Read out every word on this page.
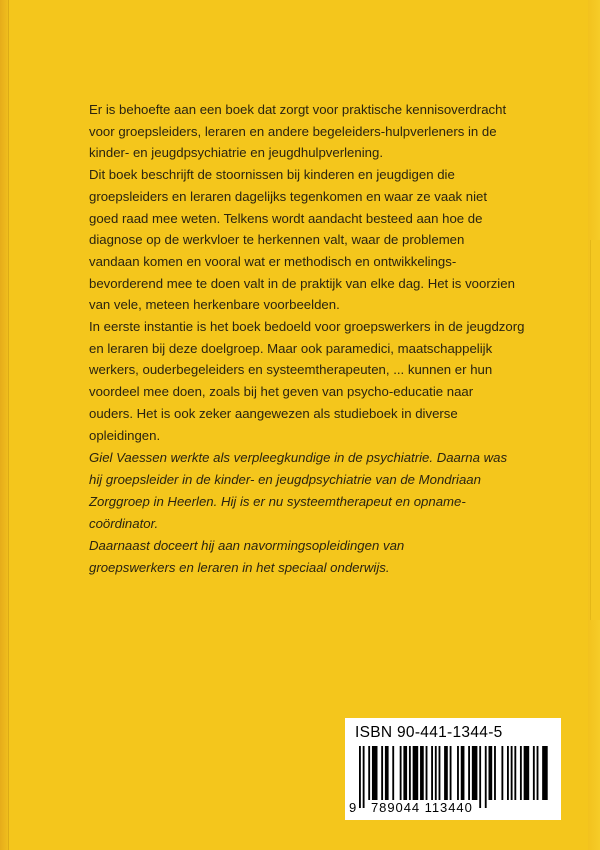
Er is behoefte aan een boek dat zorgt voor praktische kennisoverdracht
voor groepsleiders, leraren en andere begeleiders-hulpverleners in de
kinder- en jeugdpsychiatrie en jeugdhulpverlening.
Dit boek beschrijft de stoornissen bij kinderen en jeugdigen die
groepsleiders en leraren dagelijks tegenkomen en waar ze vaak niet
goed raad mee weten. Telkens wordt aandacht besteed aan hoe de
diagnose op de werkvloer te herkennen valt, waar de problemen
vandaan komen en vooral wat er methodisch en ontwikkelings-
bevorderend mee te doen valt in de praktijk van elke dag. Het is voorzien
van vele, meteen herkenbare voorbeelden.
In eerste instantie is het boek bedoeld voor groepswerkers in de jeugdzorg
en leraren bij deze doelgroep. Maar ook paramedici, maatschappelijk
werkers, ouderbegeleiders en systeemtherapeuten, ... kunnen er hun
voordeel mee doen, zoals bij het geven van psycho-educatie naar
ouders. Het is ook zeker aangewezen als studieboek in diverse
opleidingen.
Giel Vaessen werkte als verpleegkundige in de psychiatrie. Daarna was
hij groepsleider in de kinder- en jeugdpsychiatrie van de Mondriaan
Zorggroep in Heerlen. Hij is er nu systeemtherapeut en opname-
coördinator.
Daarnaast doceert hij aan navormingsopleidingen van
groepswerkers en leraren in het speciaal onderwijs.
ISBN 90-441-1344-5
9 789044 113440
